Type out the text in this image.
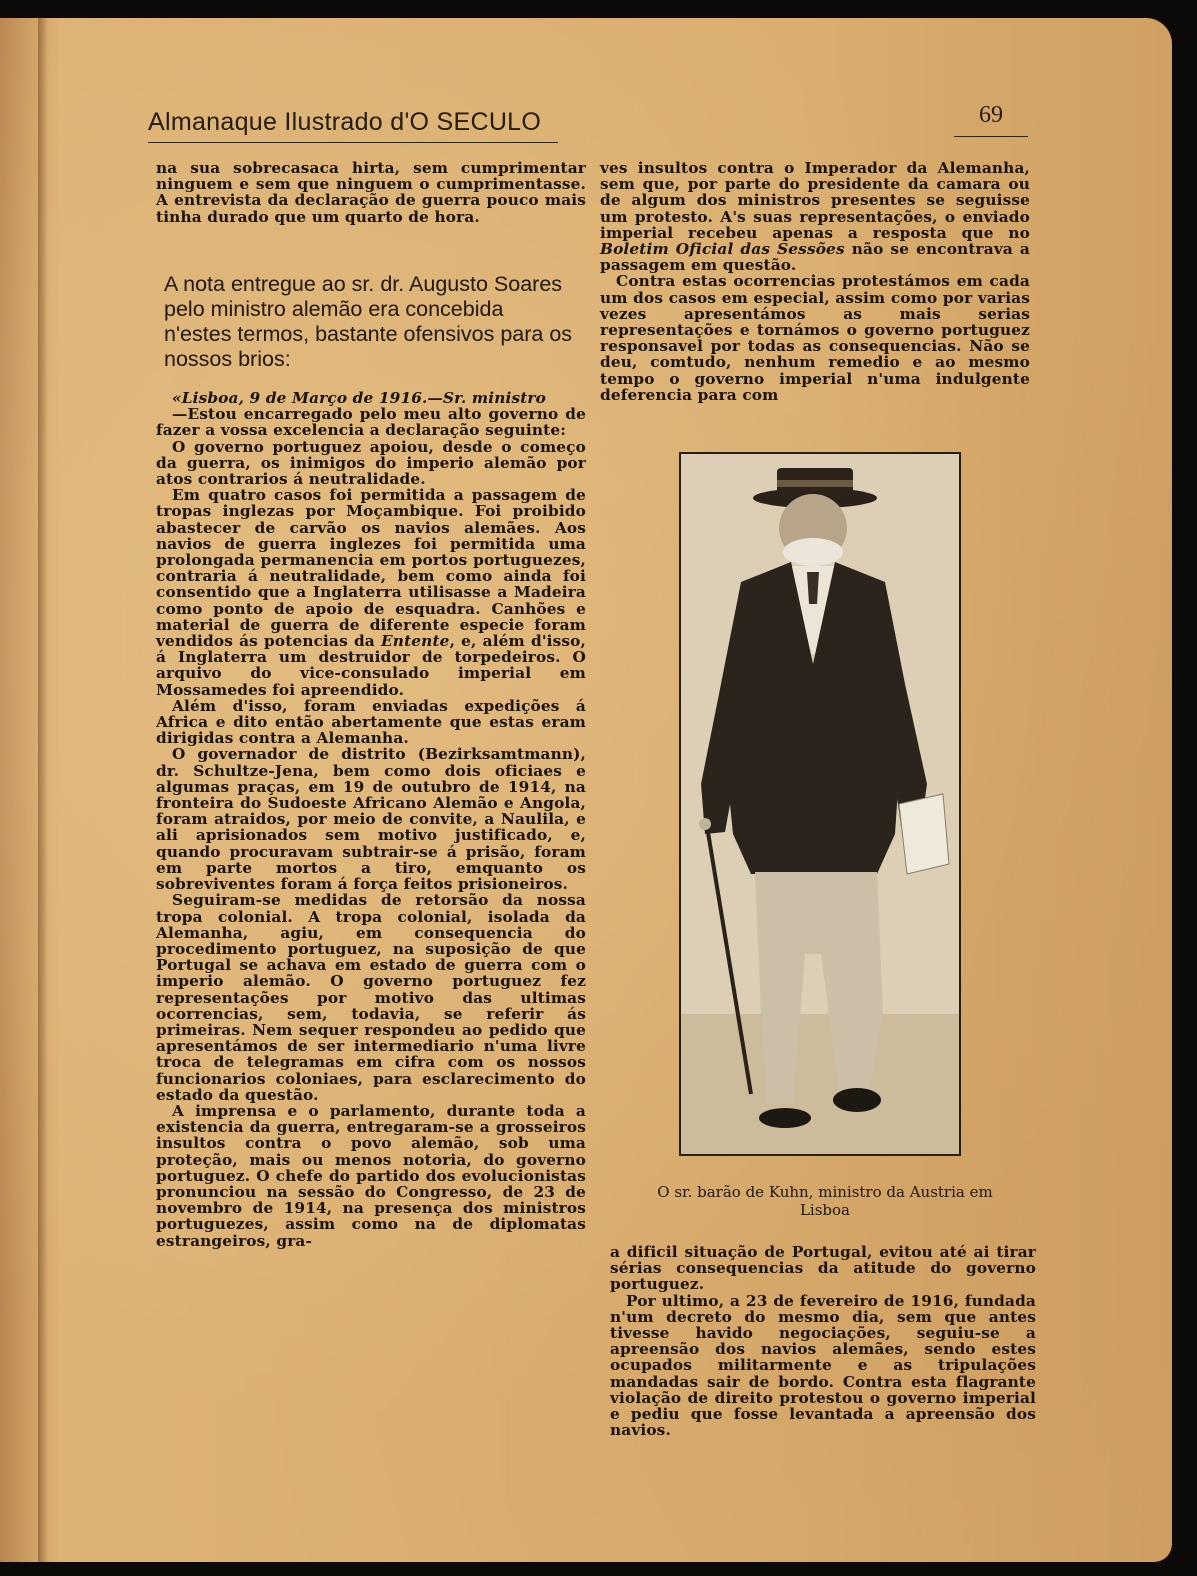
Almanaque Ilustrado d'O SECULO	69

na sua sobrecasaca hirta, sem cumprimentar ninguem e sem que ninguem o cumprimentasse. A entrevista da declaração de guerra pouco mais tinha durado que um quarto de hora.

A nota entregue ao sr. dr. Augusto Soares pelo ministro alemão era concebida n'estes termos, bastante ofensivos para os nossos brios:

«Lisboa, 9 de Março de 1916.—Sr. ministro

—Estou encarregado pelo meu alto governo de fazer a vossa excelencia a declaração seguinte:

O governo portuguez apoiou, desde o começo da guerra, os inimigos do imperio alemão por atos contrarios á neutralidade.

Em quatro casos foi permitida a passagem de tropas inglezas por Moçambique. Foi proibido abastecer de carvão os navios alemães. Aos navios de guerra inglezes foi permitida uma prolongada permanencia em portos portuguezes, contraria á neutralidade, bem como ainda foi consentido que a Inglaterra utilisasse a Madeira como ponto de apoio de esquadra. Canhões e material de guerra de diferente especie foram vendidos ás potencias da Entente, e, além d'isso, á Inglaterra um destruidor de torpedeiros. O arquivo do vice-consulado imperial em Mossamedes foi apreendido.

Além d'isso, foram enviadas expedições á Africa e dito então abertamente que estas eram dirigidas contra a Alemanha.

O governador de distrito (Bezirksamtmann), dr. Schultze-Jena, bem como dois oficiaes e algumas praças, em 19 de outubro de 1914, na fronteira do Sudoeste Africano Alemão e Angola, foram atraidos, por meio de convite, a Naulila, e ali aprisionados sem motivo justificado, e, quando procuravam subtrair-se á prisão, foram em parte mortos a tiro, emquanto os sobreviventes foram á força feitos prisioneiros.

Seguiram-se medidas de retorsão da nossa tropa colonial. A tropa colonial, isolada da Alemanha, agiu, em consequencia do procedimento portuguez, na suposição de que Portugal se achava em estado de guerra com o imperio alemão. O governo portuguez fez representações por motivo das ultimas ocorrencias, sem, todavia, se referir ás primeiras. Nem sequer respondeu ao pedido que apresentámos de ser intermediario n'uma livre troca de telegramas em cifra com os nossos funcionarios coloniaes, para esclarecimento do estado da questão.

A imprensa e o parlamento, durante toda a existencia da guerra, entregaram-se a grosseiros insultos contra o povo alemão, sob uma proteção, mais ou menos notoria, do governo portuguez. O chefe do partido dos evolucionistas pronunciou na sessão do Congresso, de 23 de novembro de 1914, na presença dos ministros portuguezes, assim como na de diplomatas estrangeiros, gra-

ves insultos contra o Imperador da Alemanha, sem que, por parte do presidente da camara ou de algum dos ministros presentes se seguisse um protesto. A's suas representações, o enviado imperial recebeu apenas a resposta que no Boletim Oficial das Sessões não se encontrava a passagem em questão.

Contra estas ocorrencias protestámos em cada um dos casos em especial, assim como por varias vezes apresentámos as mais serias representações e tornámos o governo portuguez responsavel por todas as consequencias. Não se deu, comtudo, nenhum remedio e ao mesmo tempo o governo imperial n'uma indulgente deferencia para com

O sr. barão de Kuhn, ministro da Austria em Lisboa

a dificil situação de Portugal, evitou até ai tirar sérias consequencias da atitude do governo portuguez.

Por ultimo, a 23 de fevereiro de 1916, fundada n'um decreto do mesmo dia, sem que antes tivesse havido negociações, seguiu-se a apreensão dos navios alemães, sendo estes ocupados militarmente e as tripulações mandadas sair de bordo. Contra esta flagrante violação de direito protestou o governo imperial e pediu que fosse levantada a apreensão dos navios.
